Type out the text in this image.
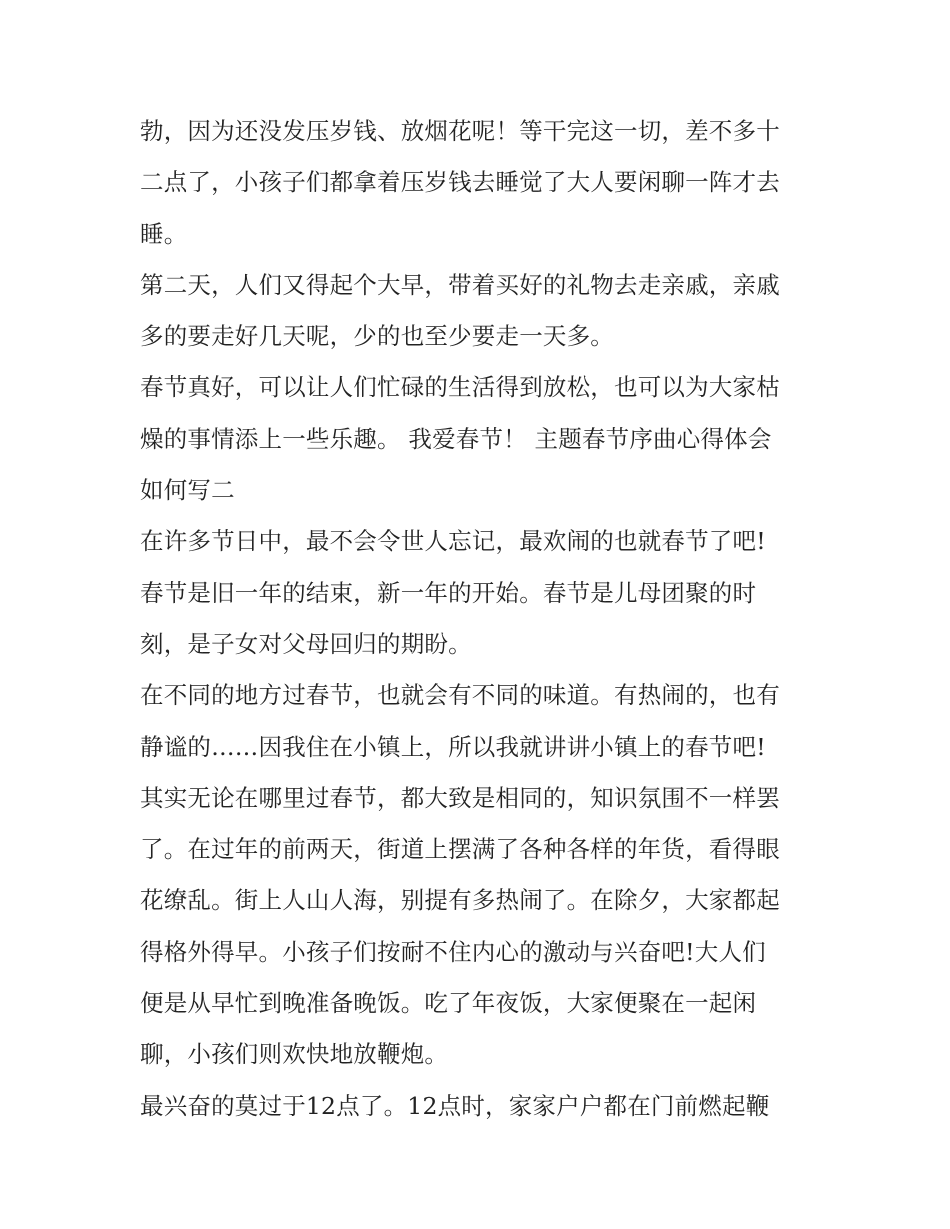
勃，因为还没发压岁钱、放烟花呢！等干完这一切，差不多十
二点了，小孩子们都拿着压岁钱去睡觉了大人要闲聊一阵才去
睡。

第二天，人们又得起个大早，带着买好的礼物去走亲戚，亲戚
多的要走好几天呢，少的也至少要走一天多。

春节真好，可以让人们忙碌的生活得到放松，也可以为大家枯
燥的事情添上一些乐趣。 我爱春节！ 主题春节序曲心得体会
如何写二

在许多节日中，最不会令世人忘记，最欢闹的也就春节了吧!
春节是旧一年的结束，新一年的开始。春节是儿母团聚的时
刻，是子女对父母回归的期盼。

在不同的地方过春节，也就会有不同的味道。有热闹的，也有
静谧的……因我住在小镇上，所以我就讲讲小镇上的春节吧!
其实无论在哪里过春节，都大致是相同的，知识氛围不一样罢
了。在过年的前两天，街道上摆满了各种各样的年货，看得眼
花缭乱。街上人山人海，别提有多热闹了。在除夕，大家都起
得格外得早。小孩子们按耐不住内心的激动与兴奋吧!大人们
便是从早忙到晚准备晚饭。吃了年夜饭，大家便聚在一起闲
聊，小孩们则欢快地放鞭炮。

最兴奋的莫过于12点了。12点时，家家户户都在门前燃起鞭
